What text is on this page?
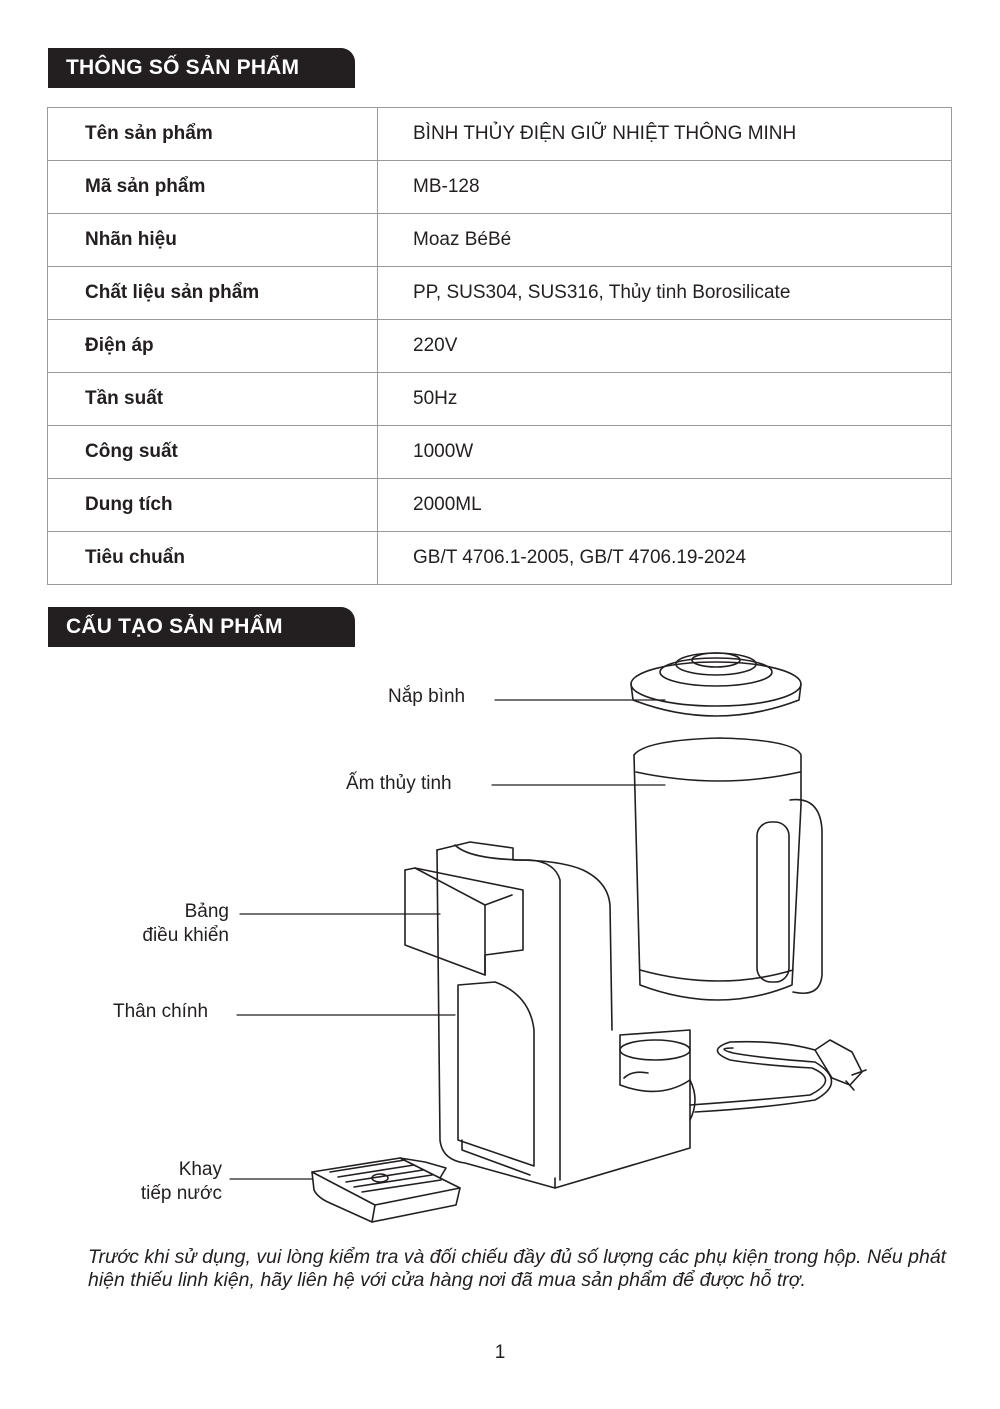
THÔNG SỐ SẢN PHẨM
Tên sản phẩm	BÌNH THỦY ĐIỆN GIỮ NHIỆT THÔNG MINH
Mã sản phẩm	MB-128
Nhãn hiệu	Moaz BéBé
Chất liệu sản phẩm	PP, SUS304, SUS316, Thủy tinh Borosilicate
Điện áp	220V
Tần suất	50Hz
Công suất	1000W
Dung tích	2000ML
Tiêu chuẩn	GB/T 4706.1-2005, GB/T 4706.19-2024
CẤU TẠO SẢN PHẨM
Nắp bình
Ấm thủy tinh
Bảng
điều khiển
Thân chính
Khay
tiếp nước
Trước khi sử dụng, vui lòng kiểm tra và đối chiếu đầy đủ số lượng các phụ kiện trong hộp. Nếu phát hiện thiếu linh kiện, hãy liên hệ với cửa hàng nơi đã mua sản phẩm để được hỗ trợ.
1
